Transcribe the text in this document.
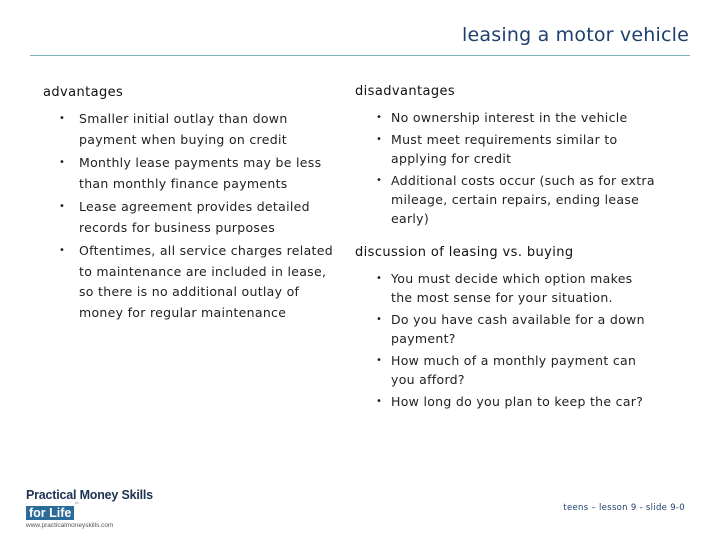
leasing a motor vehicle
advantages
• Smaller initial outlay than down payment when buying on credit
• Monthly lease payments may be less than monthly finance payments
• Lease agreement provides detailed records for business purposes
• Oftentimes, all service charges related to maintenance are included in lease, so there is no additional outlay of money for regular maintenance
disadvantages
• No ownership interest in the vehicle
• Must meet requirements similar to applying for credit
• Additional costs occur (such as for extra mileage, certain repairs, ending lease early)
discussion of leasing vs. buying
• You must decide which option makes the most sense for your situation.
• Do you have cash available for a down payment?
• How much of a monthly payment can you afford?
• How long do you plan to keep the car?
Practical Money Skills
for Life™
www.practicalmoneyskills.com
teens – lesson 9 - slide 9-0
